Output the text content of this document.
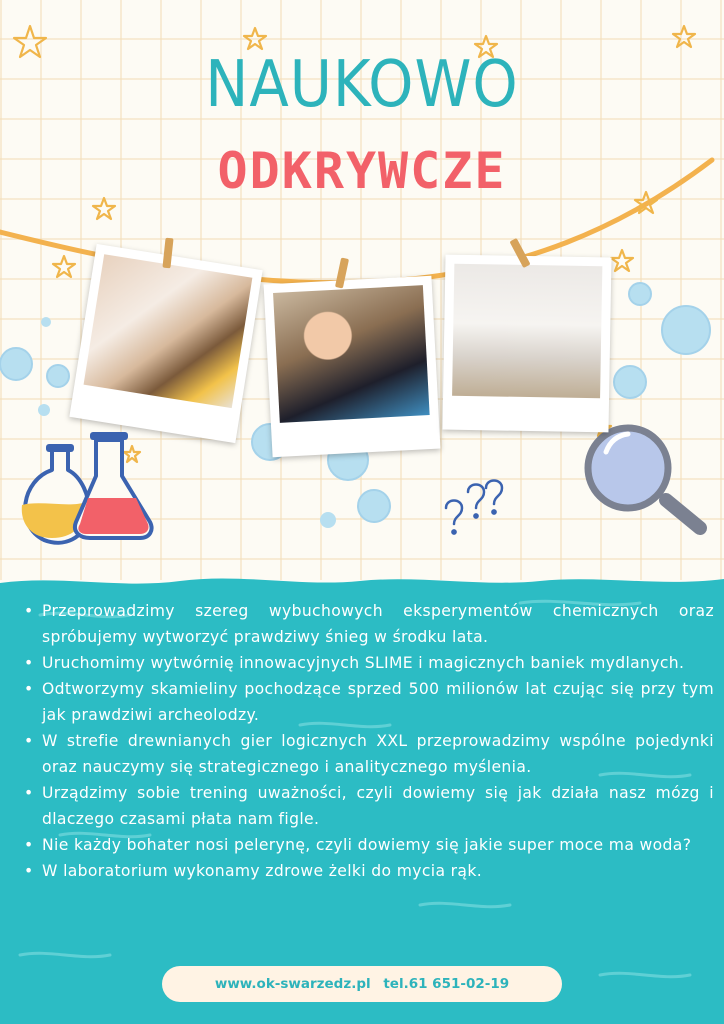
NAUKOWO
ODKRYWCZE
• Przeprowadzimy szereg wybuchowych eksperymentów chemicznych oraz spróbujemy wytworzyć prawdziwy śnieg w środku lata.
• Uruchomimy wytwórnię innowacyjnych SLIME i magicznych baniek mydlanych.
• Odtworzymy skamieliny pochodzące sprzed 500 milionów lat czując się przy tym jak prawdziwi archeolodzy.
• W strefie drewnianych gier logicznych XXL przeprowadzimy wspólne pojedynki oraz nauczymy się strategicznego i analitycznego myślenia.
• Urządzimy sobie trening uważności, czyli dowiemy się jak działa nasz mózg i dlaczego czasami płata nam figle.
• Nie każdy bohater nosi pelerynę, czyli dowiemy się jakie super moce ma woda?
• W laboratorium wykonamy zdrowe żelki do mycia rąk.
www.ok-swarzedz.pl tel.61 651-02-19
